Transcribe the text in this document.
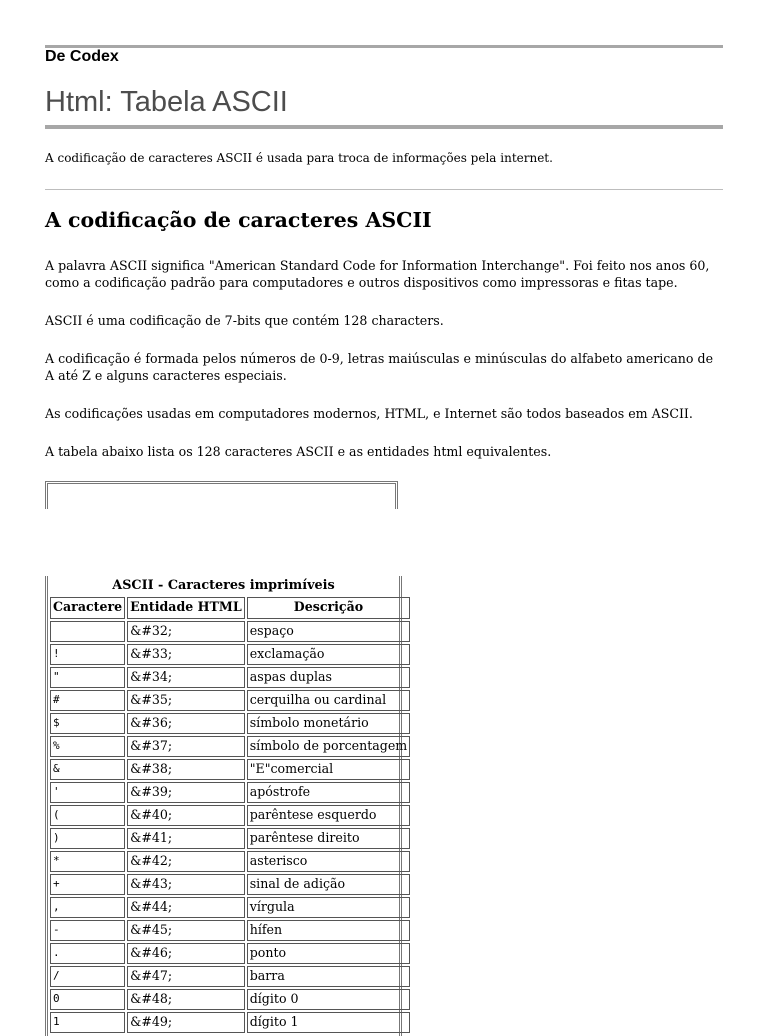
De Codex
Html: Tabela ASCII
A codificação de caracteres ASCII é usada para troca de informações pela internet.
A codificação de caracteres ASCII
A palavra ASCII significa "American Standard Code for Information Interchange". Foi feito nos anos 60, como a codificação padrão para computadores e outros dispositivos como impressoras e fitas tape.
ASCII é uma codificação de 7-bits que contém 128 characters.
A codificação é formada pelos números de 0-9, letras maiúsculas e minúsculas do alfabeto americano de A até Z e alguns caracteres especiais.
As codificações usadas em computadores modernos, HTML, e Internet são todos baseados em ASCII.
A tabela abaixo lista os 128 caracteres ASCII e as entidades html equivalentes.
ASCII - Caracteres imprimíveis
Caractere	Entidade HTML	Descrição
	&#32;	espaço
!	&#33;	exclamação
"	&#34;	aspas duplas
#	&#35;	cerquilha ou cardinal
$	&#36;	símbolo monetário
%	&#37;	símbolo de porcentagem
&	&#38;	"E"comercial
'	&#39;	apóstrofe
(	&#40;	parêntese esquerdo
)	&#41;	parêntese direito
*	&#42;	asterisco
+	&#43;	sinal de adição
,	&#44;	vírgula
-	&#45;	hífen
.	&#46;	ponto
/	&#47;	barra
0	&#48;	dígito 0
1	&#49;	dígito 1
